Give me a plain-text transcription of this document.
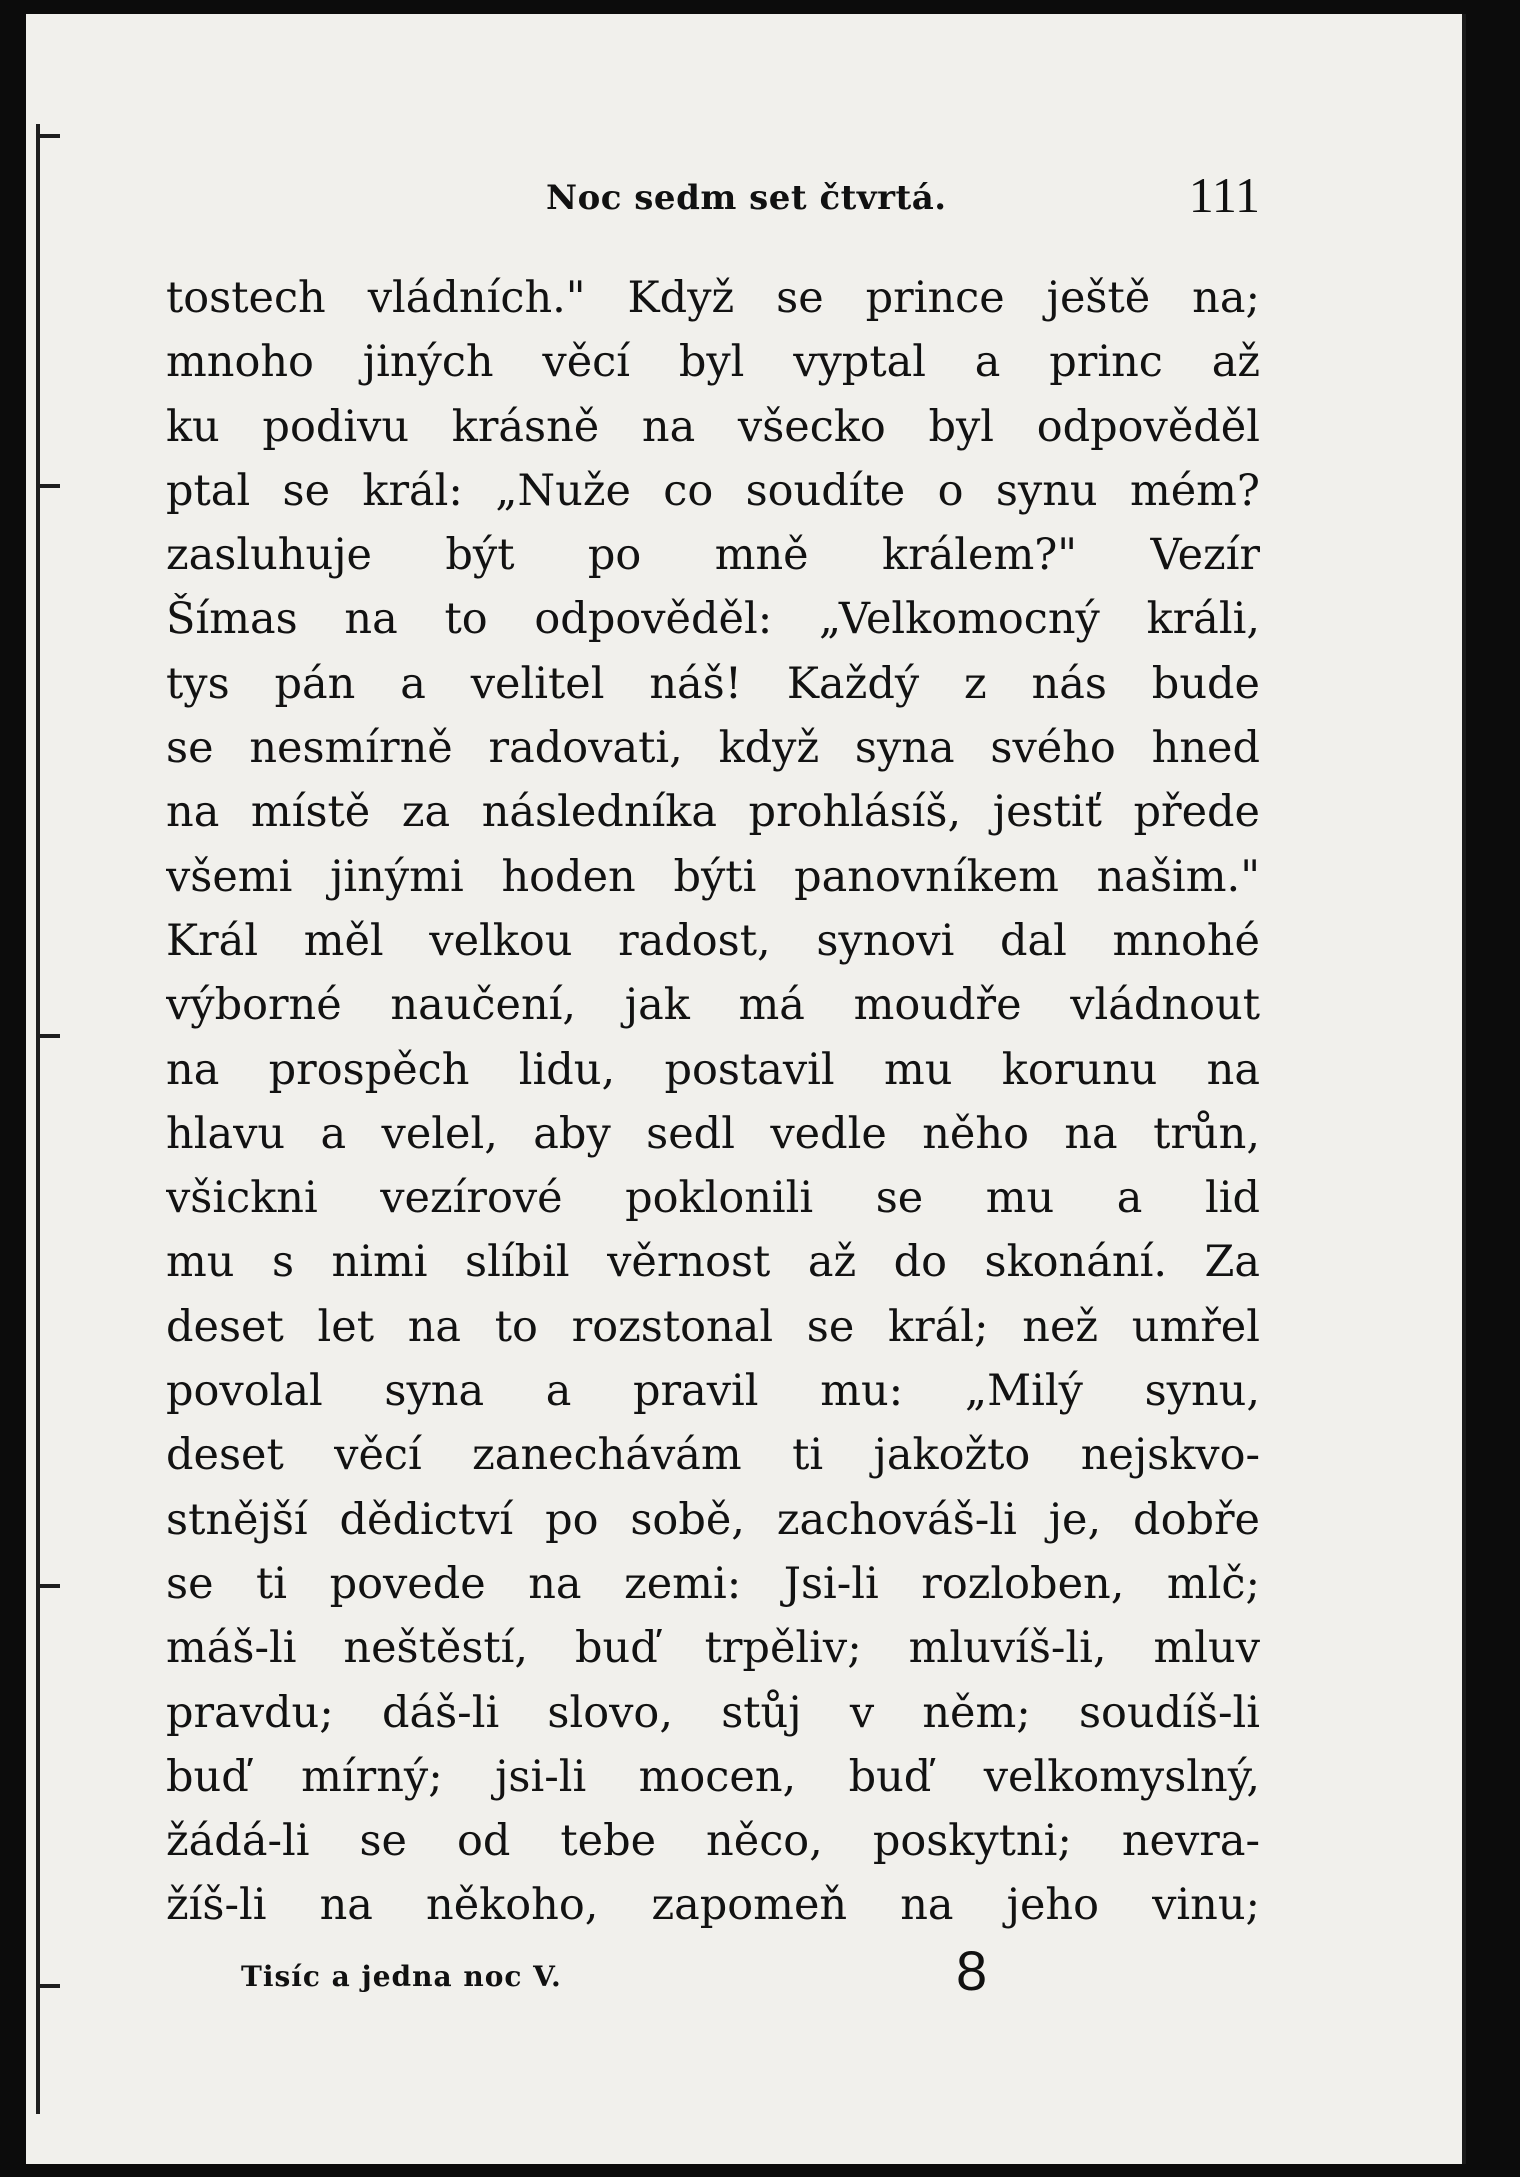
Noc sedm set čtvrtá.	111
tostech vládních." Když se prince ještě na;
mnoho jiných věcí byl vyptal a princ až
ku podivu krásně na všecko byl odpověděl
ptal se král: „Nuže co soudíte o synu mém?
zasluhuje být po mně králem?" Vezír
Šímas na to odpověděl: „Velkomocný králi,
tys pán a velitel náš! Každý z nás bude
se nesmírně radovati, když syna svého hned
na místě za následníka prohlásíš, jestiť přede
všemi jinými hoden býti panovníkem našim."
Král měl velkou radost, synovi dal mnohé
výborné naučení, jak má moudře vládnout
na prospěch lidu, postavil mu korunu na
hlavu a velel, aby sedl vedle něho na trůn,
všickni vezírové poklonili se mu a lid
mu s nimi slíbil věrnost až do skonání. Za
deset let na to rozstonal se král; než umřel
povolal syna a pravil mu: „Milý synu,
deset věcí zanechávám ti jakožto nejskvo-
stnější dědictví po sobě, zachováš-li je, dobře
se ti povede na zemi: Jsi-li rozloben, mlč;
máš-li neštěstí, buď trpěliv; mluvíš-li, mluv
pravdu; dáš-li slovo, stůj v něm; soudíš-li
buď mírný; jsi-li mocen, buď velkomyslný,
žádá-li se od tebe něco, poskytni; nevra-
žíš-li na někoho, zapomeň na jeho vinu;
Tisíc a jedna noc V.	8
